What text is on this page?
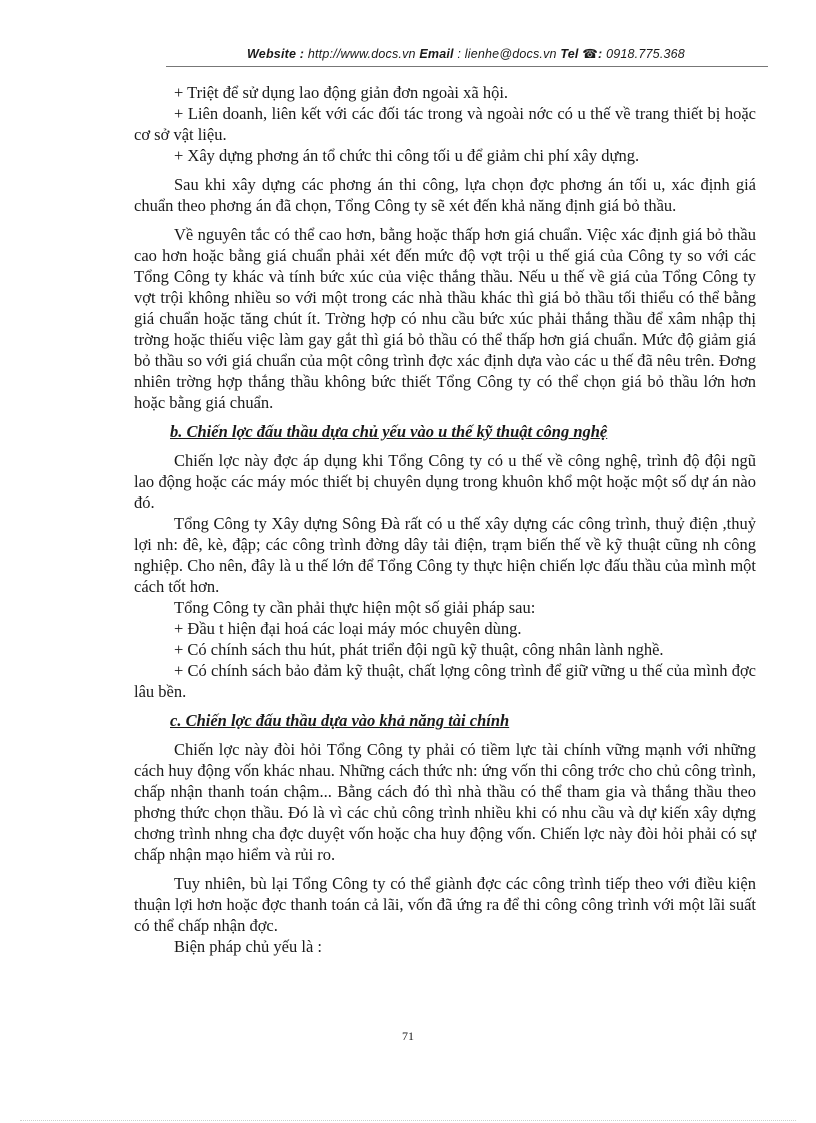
Website : http://www.docs.vn Email : lienhe@docs.vn Tel ☎: 0918.775.368

+ Triệt để sử dụng lao động giản đơn ngoài xã hội.

+ Liên doanh, liên kết với các đối tác trong và ngoài nớc có u thế về trang thiết bị hoặc cơ sở vật liệu.

+ Xây dựng phơng án tổ chức thi công tối u để giảm chi phí xây dựng.

Sau khi xây dựng các phơng án thi công, lựa chọn đợc phơng án tối u, xác định giá chuẩn theo phơng án đã chọn, Tổng Công ty sẽ xét đến khả năng định giá bỏ thầu.

Về nguyên tắc có thể cao hơn, bằng hoặc thấp hơn giá chuẩn. Việc xác định giá bỏ thầu cao hơn hoặc bằng giá chuẩn phải xét đến mức độ vợt trội u thế giá của Công ty so với các Tổng Công ty khác và tính bức xúc của việc thắng thầu. Nếu u thế về giá của Tổng Công ty vợt trội không nhiều so với một trong các nhà thầu khác thì giá bỏ thầu tối thiểu có thể bằng giá chuẩn hoặc tăng chút ít. Trờng hợp có nhu cầu bức xúc phải thắng thầu để xâm nhập thị trờng hoặc thiếu việc làm gay gắt thì giá bỏ thầu có thể thấp hơn giá chuẩn. Mức độ giảm giá bỏ thầu so với giá chuẩn của một công trình đợc xác định dựa vào các u thế đã nêu trên. Đơng nhiên trờng hợp thắng thầu không bức thiết Tổng Công ty có thể chọn giá bỏ thầu lớn hơn hoặc bằng giá chuẩn.

b. Chiến lợc đấu thầu dựa chủ yếu vào u thế kỹ thuật công nghệ

Chiến lợc này đợc áp dụng khi Tổng Công ty có u thế về công nghệ, trình độ đội ngũ lao động hoặc các máy móc thiết bị chuyên dụng trong khuôn khổ một hoặc một số dự án nào đó.

Tổng Công ty Xây dựng Sông Đà rất có u thế xây dựng các công trình, thuỷ điện ,thuỷ lợi nh: đê, kè, đập; các công trình đờng dây tải điện, trạm biến thế về kỹ thuật cũng nh công nghiệp. Cho nên, đây là u thế lớn để Tổng Công ty thực hiện chiến lợc đấu thầu của mình một cách tốt hơn.

Tổng Công ty cần phải thực hiện một số giải pháp sau:

+ Đầu t hiện đại hoá các loại máy móc chuyên dùng.

+ Có chính sách thu hút, phát triển đội ngũ kỹ thuật, công nhân lành nghề.

+ Có chính sách bảo đảm kỹ thuật, chất lợng công trình để giữ vững u thế của mình đợc lâu bền.

c. Chiến lợc đấu thầu dựa vào khả năng tài chính

Chiến lợc này đòi hỏi Tổng Công ty phải có tiềm lực tài chính vững mạnh với những cách huy động vốn khác nhau. Những cách thức nh: ứng vốn thi công trớc cho chủ công trình, chấp nhận thanh toán chậm... Bằng cách đó thì nhà thầu có thể tham gia và thắng thầu theo phơng thức chọn thầu. Đó là vì các chủ công trình nhiều khi có nhu cầu và dự kiến xây dựng chơng trình nhng cha đợc duyệt vốn hoặc cha huy động vốn. Chiến lợc này đòi hỏi phải có sự chấp nhận mạo hiểm và rủi ro.

Tuy nhiên, bù lại Tổng Công ty có thể giành đợc các công trình tiếp theo với điều kiện thuận lợi hơn hoặc đợc thanh toán cả lãi, vốn đã ứng ra để thi công công trình với một lãi suất có thể chấp nhận đợc.

Biện pháp chủ yếu là :

71
